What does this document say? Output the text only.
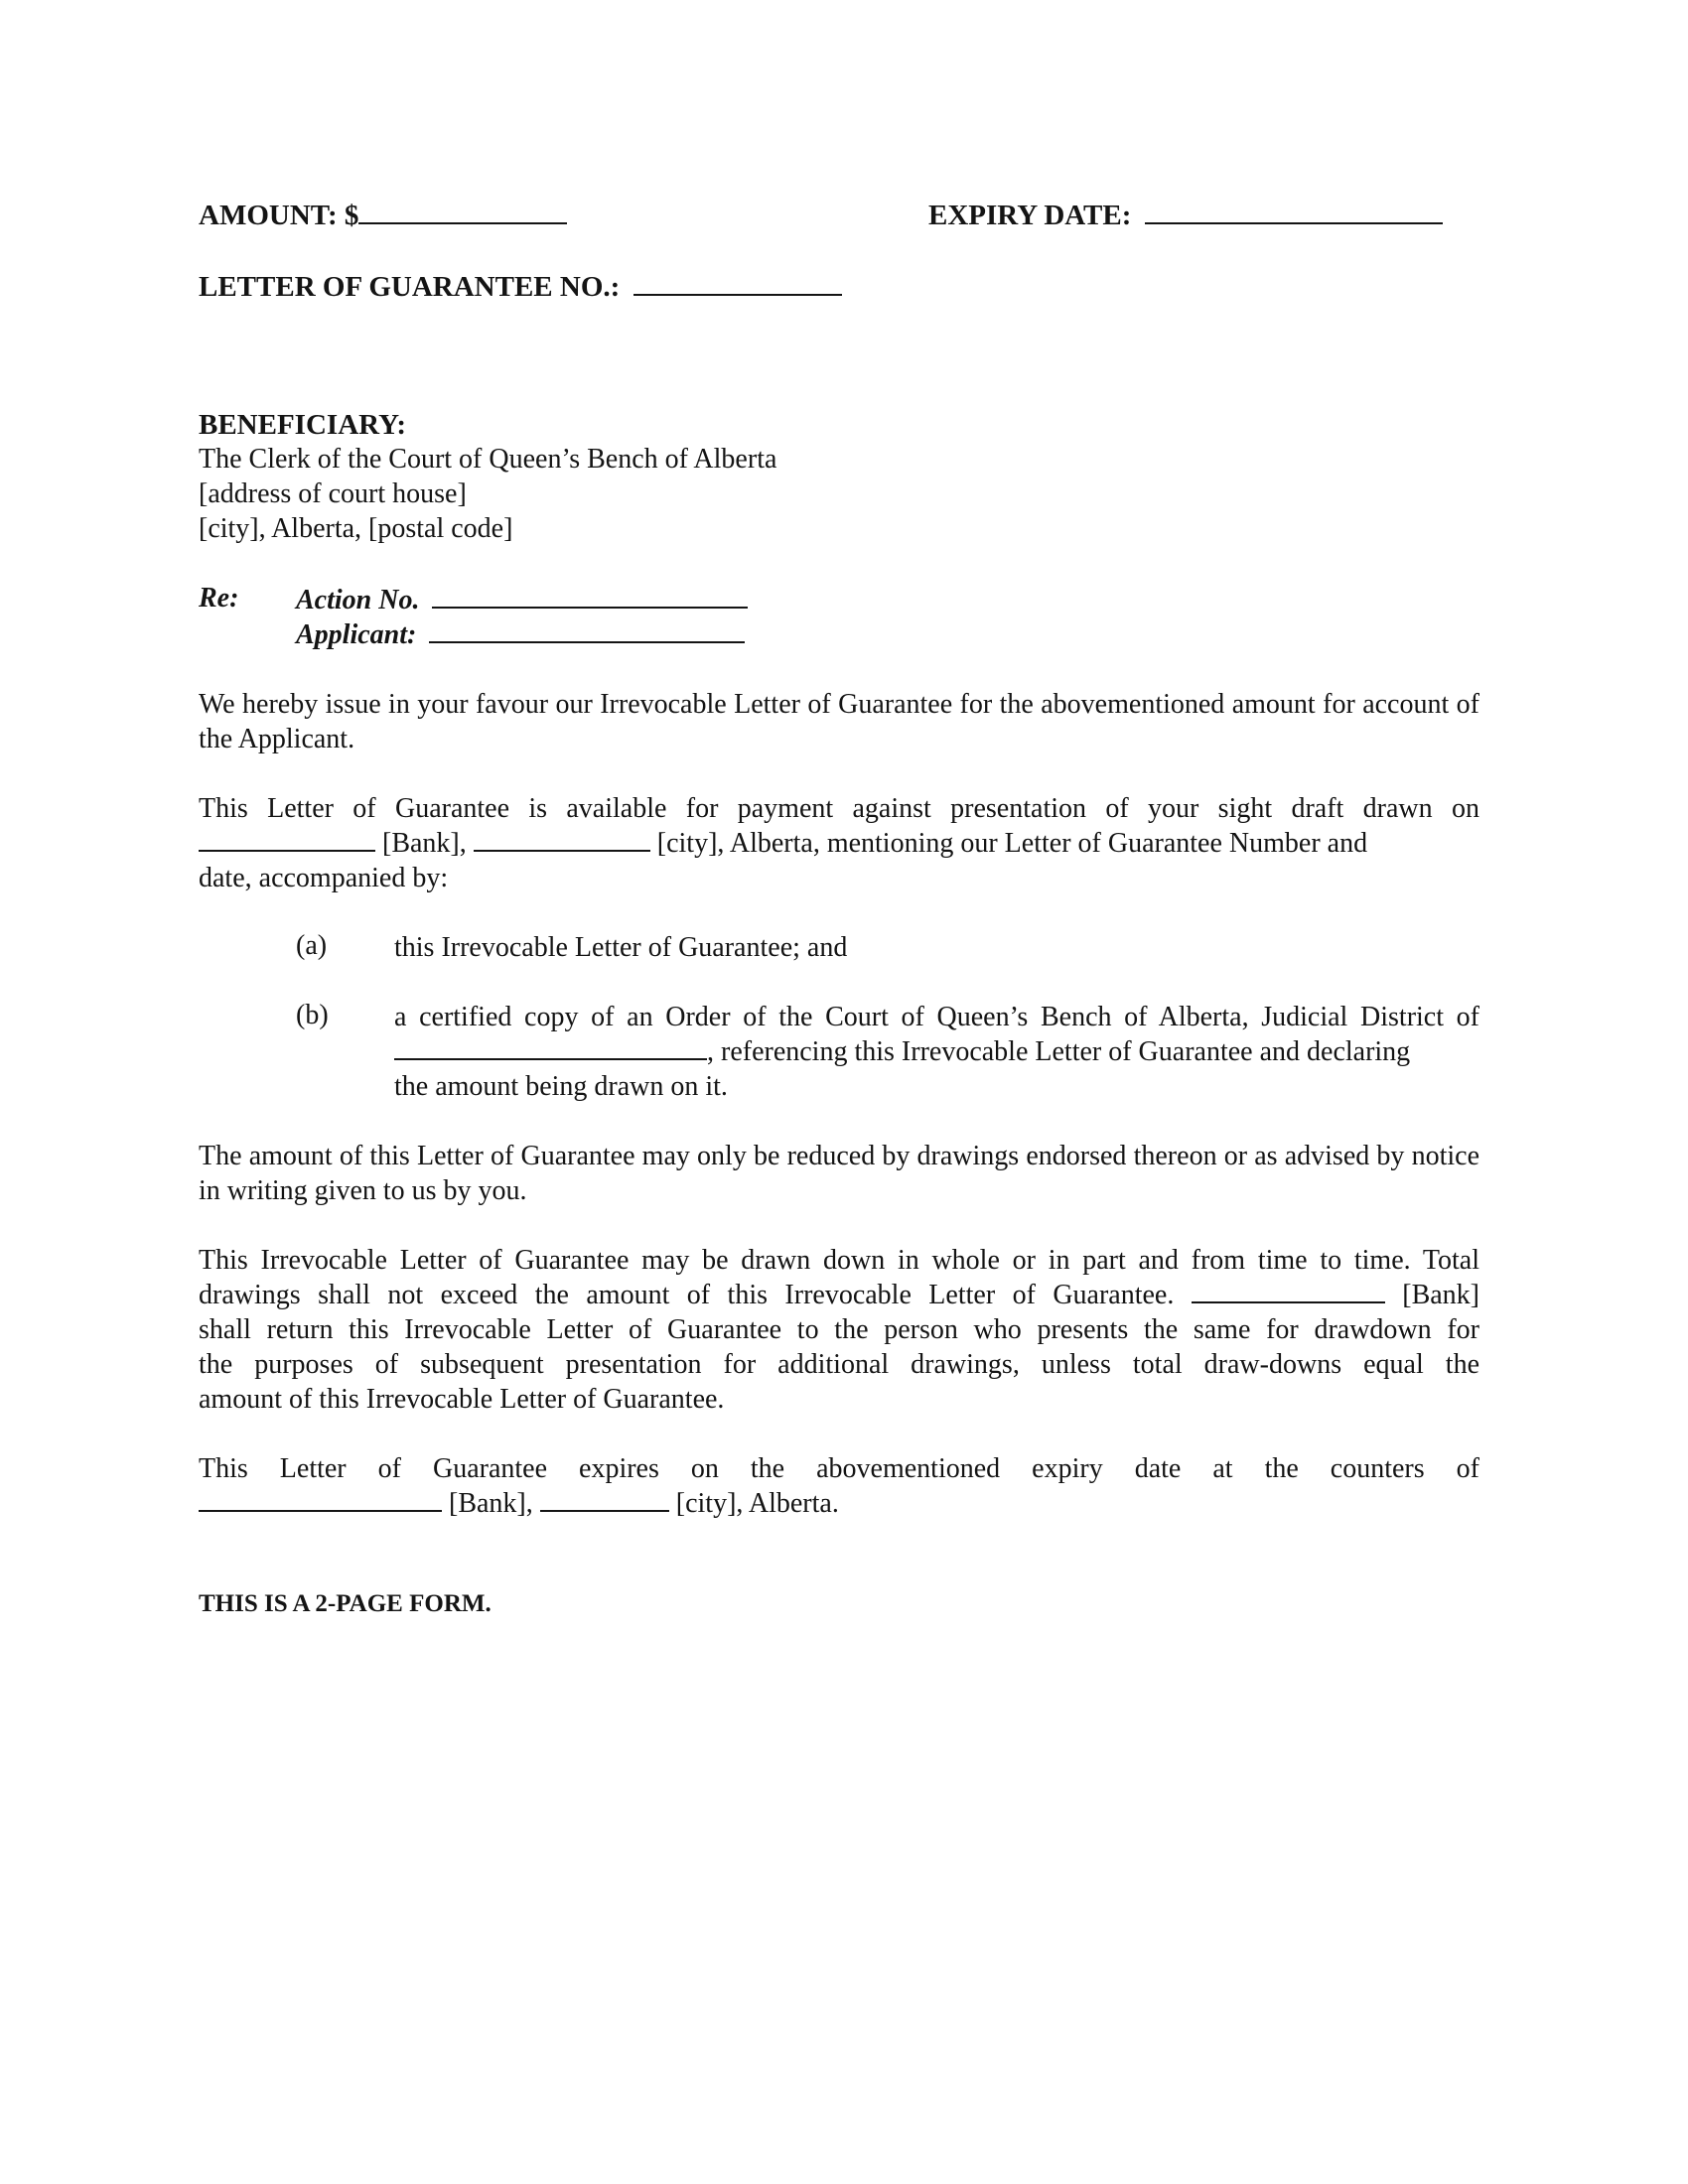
AMOUNT: $	EXPIRY DATE:
LETTER OF GUARANTEE NO.:
BENEFICIARY:
The Clerk of the Court of Queen’s Bench of Alberta
[address of court house]
[city], Alberta, [postal code]
Re: Action No.
Applicant:
We hereby issue in your favour our Irrevocable Letter of Guarantee for the abovementioned amount for account of the Applicant.
This Letter of Guarantee is available for payment against presentation of your sight draft drawn on
[Bank],	[city], Alberta, mentioning our Letter of Guarantee Number and
date, accompanied by:
(a) this Irrevocable Letter of Guarantee; and
(b) a certified copy of an Order of the Court of Queen’s Bench of Alberta, Judicial District of
, referencing this Irrevocable Letter of Guarantee and declaring
the amount being drawn on it.
The amount of this Letter of Guarantee may only be reduced by drawings endorsed thereon or as advised by notice in writing given to us by you.
This Irrevocable Letter of Guarantee may be drawn down in whole or in part and from time to time. Total
drawings shall not exceed the amount of this Irrevocable Letter of Guarantee.	[Bank]
shall return this Irrevocable Letter of Guarantee to the person who presents the same for drawdown for
the purposes of subsequent presentation for additional drawings, unless total draw-downs equal the
amount of this Irrevocable Letter of Guarantee.
This Letter of Guarantee expires on the abovementioned expiry date at the counters of
[Bank],	[city], Alberta.
THIS IS A 2-PAGE FORM.
